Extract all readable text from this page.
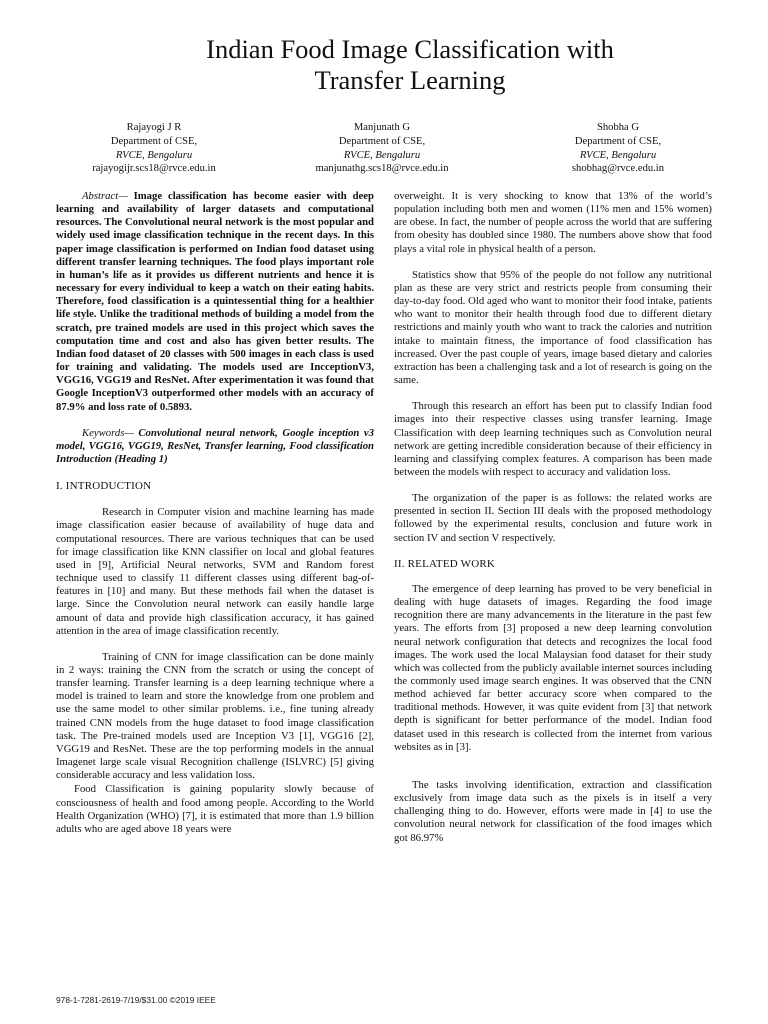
Indian Food Image Classification with
Transfer Learning
Rajayogi J R
Department of CSE,
RVCE, Bengaluru
rajayogijr.scs18@rvce.edu.in
Manjunath G
Department of CSE,
RVCE, Bengaluru
manjunathg.scs18@rvce.edu.in
Shobha G
Department of CSE,
RVCE, Bengaluru
shobhag@rvce.edu.in

Abstract— Image classification has become easier with deep learning and availability of larger datasets and computational resources. The Convolutional neural network is the most popular and widely used image classification technique in the recent days. In this paper image classification is performed on Indian food dataset using different transfer learning techniques. The food plays important role in human’s life as it provides us different nutrients and hence it is necessary for every individual to keep a watch on their eating habits. Therefore, food classification is a quintessential thing for a healthier life style. Unlike the traditional methods of building a model from the scratch, pre trained models are used in this project which saves the computation time and cost and also has given better results. The Indian food dataset of 20 classes with 500 images in each class is used for training and validating. The models used are IncceptionV3, VGG16, VGG19 and ResNet. After experimentation it was found that Google InceptionV3 outperformed other models with an accuracy of 87.9% and loss rate of 0.5893.

Keywords— Convolutional neural network, Google inception v3 model, VGG16, VGG19, ResNet, Transfer learning, Food classification Introduction (Heading 1)

I. INTRODUCTION

Research in Computer vision and machine learning has made image classification easier because of availability of huge data and computational resources. There are various techniques that can be used for image classification like KNN classifier on local and global features used in [9], Artificial Neural networks, SVM and Random forest technique used to classify 11 different classes using different bag-of-features in [10] and many. But these methods fail when the dataset is large. Since the Convolution neural network can easily handle large amount of data and provide high classification accuracy, it has gained attention in the area of image classification recently.

Training of CNN for image classification can be done mainly in 2 ways: training the CNN from the scratch or using the concept of transfer learning. Transfer learning is a deep learning technique where a model is trained to learn and store the knowledge from one problem and use the same model to other similar problems. i.e., fine tuning already trained CNN models from the huge dataset to food image classification task. The Pre-trained models used are Inception V3 [1], VGG16 [2], VGG19 and ResNet. These are the top performing models in the annual Imagenet large scale visual Recognition challenge (ISLVRC) [5] giving considerable accuracy and less validation loss.

Food Classification is gaining popularity slowly because of consciousness of health and food among people. According to the World Health Organization (WHO) [7], it is estimated that more than 1.9 billion adults who are aged above 18 years were

overweight. It is very shocking to know that 13% of the world’s population including both men and women (11% men and 15% women) are obese. In fact, the number of people across the world that are suffering from obesity has doubled since 1980. The numbers above show that food plays a vital role in physical health of a person.

Statistics show that 95% of the people do not follow any nutritional plan as these are very strict and restricts people from consuming their day-to-day food. Old aged who want to monitor their food intake, patients who want to monitor their health through food due to different dietary restrictions and mainly youth who want to track the calories and nutrition intake to maintain fitness, the importance of food classification has increased. Over the past couple of years, image based dietary and calories extraction has been a challenging task and a lot of research is going on the same.

Through this research an effort has been put to classify Indian food images into their respective classes using transfer learning. Image Classification with deep learning techniques such as Convolution neural network are getting incredible consideration because of their efficiency in learning and classifying complex features. A comparison has been made between the models with respect to accuracy and validation loss.

The organization of the paper is as follows: the related works are presented in section II. Section III deals with the proposed methodology followed by the experimental results, conclusion and future work in section IV and section V respectively.

II. RELATED WORK

The emergence of deep learning has proved to be very beneficial in dealing with huge datasets of images. Regarding the food image recognition there are many advancements in the literature in the past few years. The efforts from [3] proposed a new deep learning convolution neural network configuration that detects and recognizes the local food images. The work used the local Malaysian food dataset for their study which was collected from the publicly available internet sources including the commonly used image search engines. It was observed that the CNN method achieved far better accuracy score when compared to the traditional methods. However, it was quite evident from [3] that network depth is significant for better performance of the model. Indian food dataset used in this research is collected from the internet from various websites as in [3].

The tasks involving identification, extraction and classification exclusively from image data such as the pixels is in itself a very challenging thing to do. However, efforts were made in [4] to use the convolution neural network for classification of the food images which got 86.97%

978-1-7281-2619-7/19/$31.00 ©2019 IEEE
